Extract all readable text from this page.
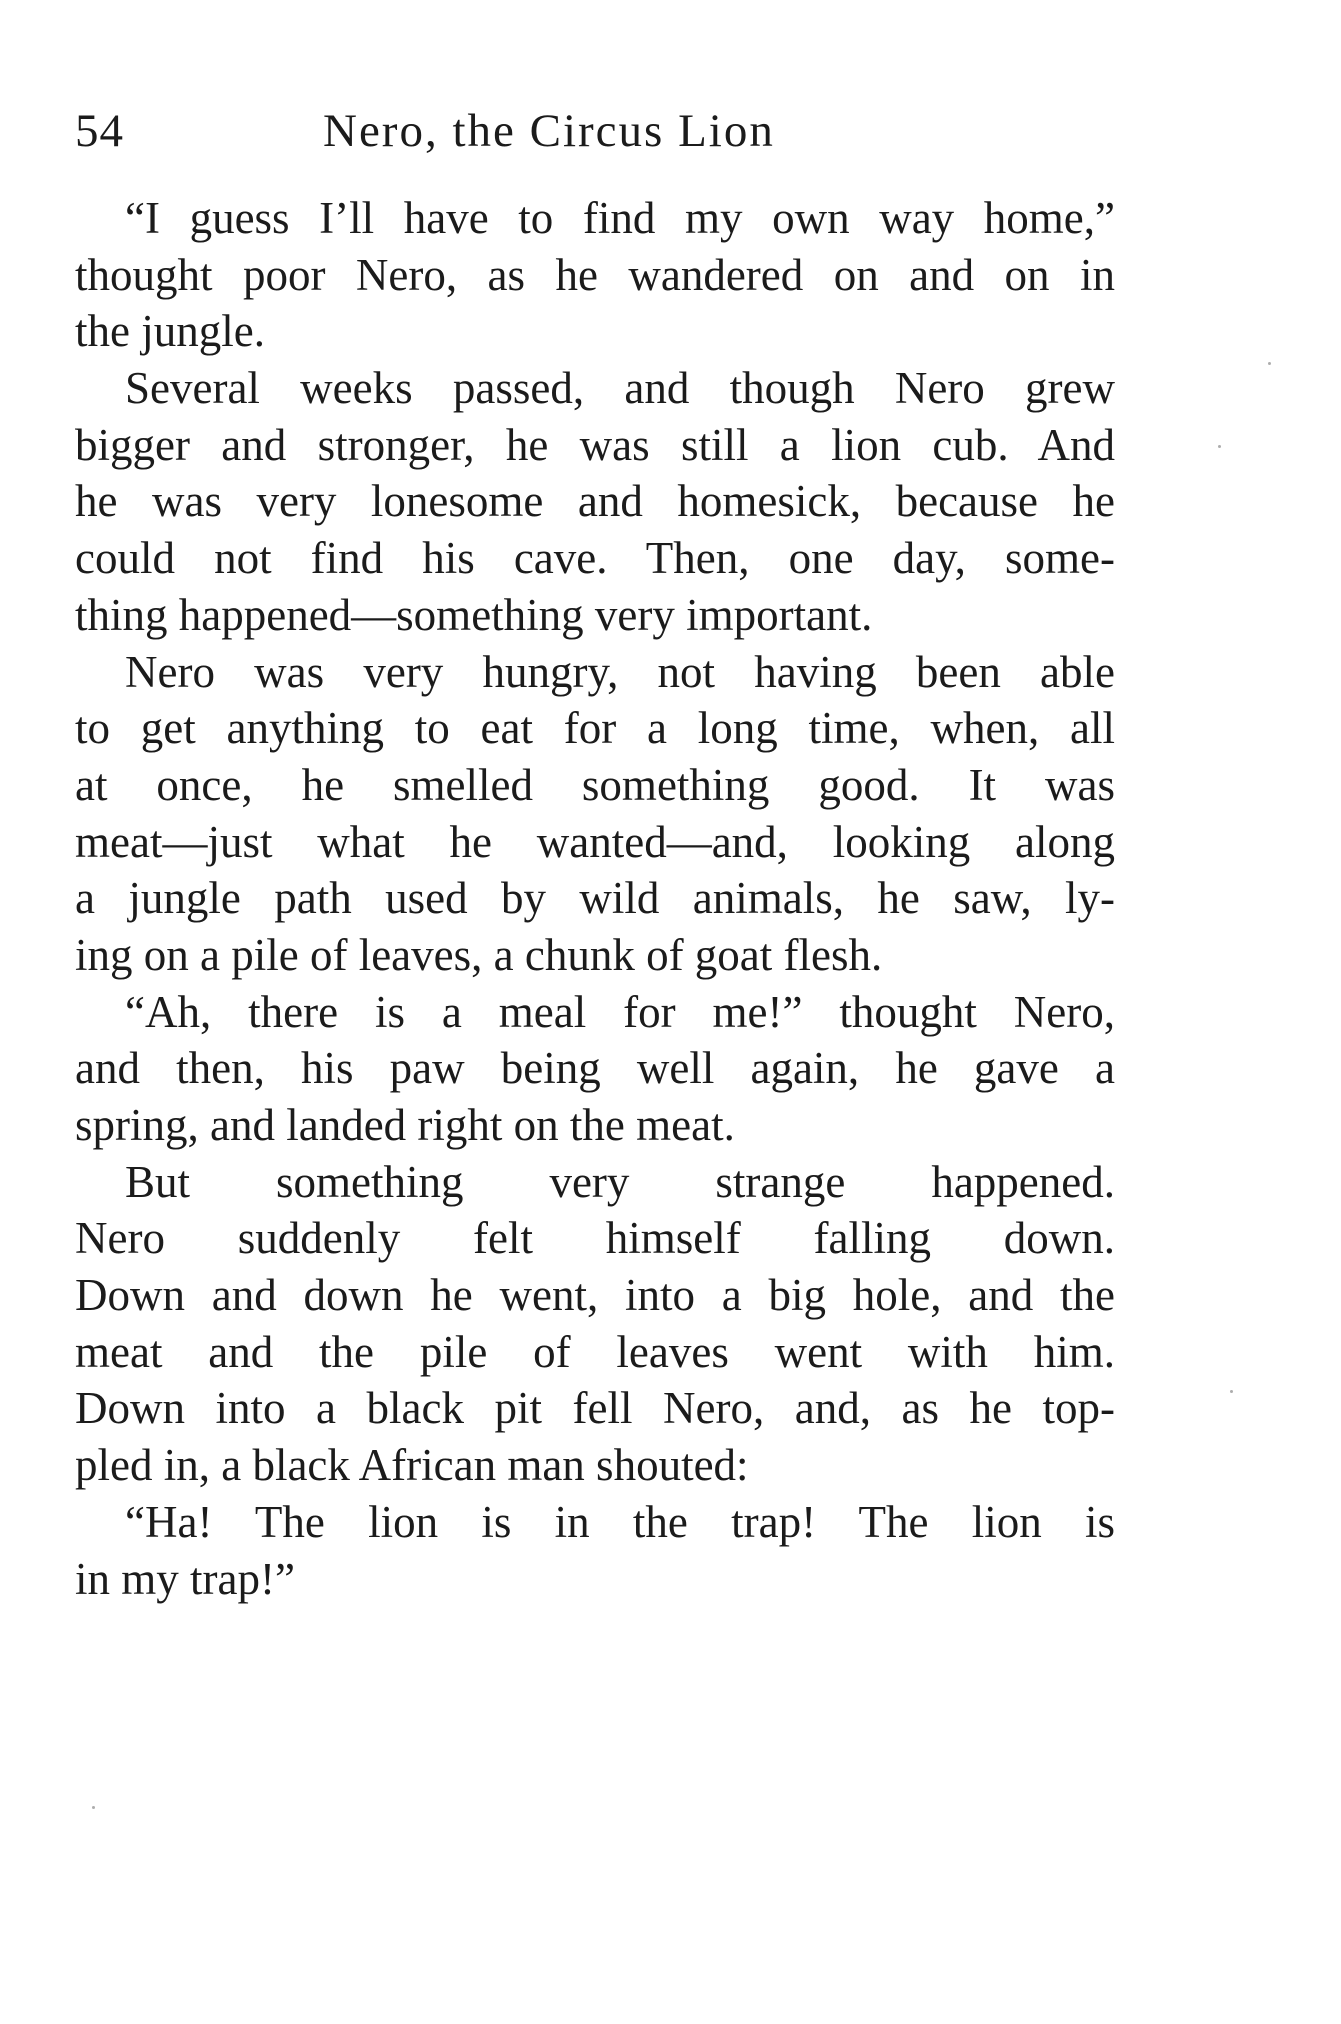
54	Nero, the Circus Lion
“I guess I’ll have to find my own way home,”
thought poor Nero, as he wandered on and on in
the jungle.
Several weeks passed, and though Nero grew
bigger and stronger, he was still a lion cub. And
he was very lonesome and homesick, because he
could not find his cave. Then, one day, some-
thing happened—something very important.
Nero was very hungry, not having been able
to get anything to eat for a long time, when, all
at once, he smelled something good. It was
meat—just what he wanted—and, looking along
a jungle path used by wild animals, he saw, ly-
ing on a pile of leaves, a chunk of goat flesh.
“Ah, there is a meal for me!” thought Nero,
and then, his paw being well again, he gave a
spring, and landed right on the meat.
But something very strange happened.
Nero suddenly felt himself falling down.
Down and down he went, into a big hole, and the
meat and the pile of leaves went with him.
Down into a black pit fell Nero, and, as he top-
pled in, a black African man shouted:
“Ha! The lion is in the trap! The lion is
in my trap!”
